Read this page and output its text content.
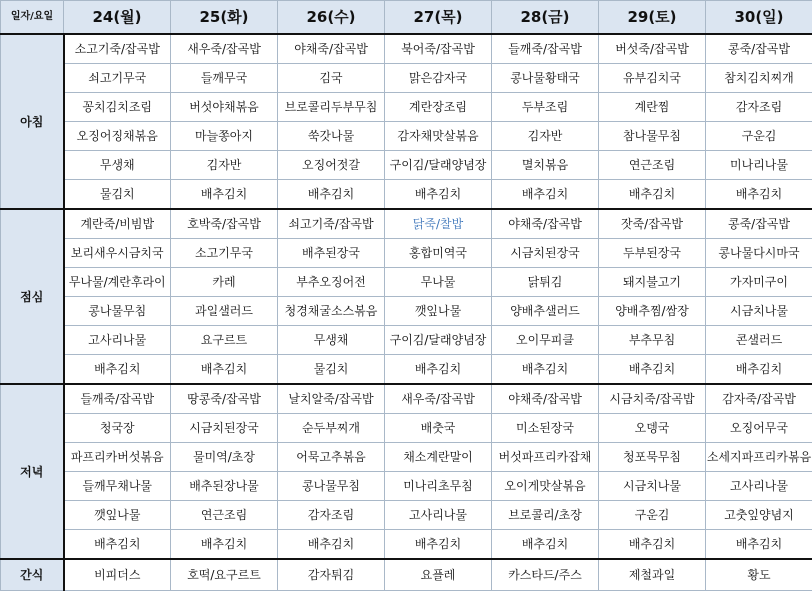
일자/요일	24(월)	25(화)	26(수)	27(목)	28(금)	29(토)	30(일)
아침	소고기죽/잡곡밥	새우죽/잡곡밥	야채죽/잡곡밥	북어죽/잡곡밥	들깨죽/잡곡밥	버섯죽/잡곡밥	콩죽/잡곡밥
	쇠고기무국	들깨무국	김국	맑은감자국	콩나물황태국	유부김치국	참치김치찌개
	꽁치김치조림	버섯야채볶음	브로콜리두부무침	계란장조림	두부조림	계란찜	감자조림
	오징어징채볶음	마늘쫑아지	쑥갓나물	감자채맛살볶음	김자반	참나물무침	구운김
	무생채	김자반	오징어젓갈	구이김/달래양념장	멸치볶음	연근조림	미나리나물
	물김치	배추김치	배추김치	배추김치	배추김치	배추김치	배추김치
점심	계란죽/비빔밥	호박죽/잡곡밥	쇠고기죽/잡곡밥	닭죽/찰밥	야채죽/잡곡밥	잣죽/잡곡밥	콩죽/잡곡밥
	보리새우시금치국	소고기무국	배추된장국	홍합미역국	시금치된장국	두부된장국	콩나물다시마국
	무나물/계란후라이	카레	부추오징어전	무나물	닭튀김	돼지불고기	가자미구이
	콩나물무침	과일샐러드	청경채굴소스볶음	깻잎나물	양배추샐러드	양배추찜/쌈장	시금치나물
	고사리나물	요구르트	무생채	구이김/달래양념장	오이무피클	부추무침	콘샐러드
	배추김치	배추김치	물김치	배추김치	배추김치	배추김치	배추김치
저녁	들깨죽/잡곡밥	땅콩죽/잡곡밥	날치알죽/잡곡밥	새우죽/잡곡밥	야채죽/잡곡밥	시금치죽/잡곡밥	감자죽/잡곡밥
	청국장	시금치된장국	순두부찌개	배춧국	미소된장국	오뎅국	오징어무국
	파프리카버섯볶음	물미역/초장	어묵고추볶음	채소계란말이	버섯파프리카잡채	청포묵무침	소세지파프리카볶음
	들깨무채나물	배추된장나물	콩나물무침	미나리초무침	오이게맛살볶음	시금치나물	고사리나물
	깻잎나물	연근조림	감자조림	고사리나물	브로콜리/초장	구운김	고춧잎양념지
	배추김치	배추김치	배추김치	배추김치	배추김치	배추김치	배추김치
간식	비피더스	호떡/요구르트	감자튀김	요플레	카스타드/주스	제철과일	황도
